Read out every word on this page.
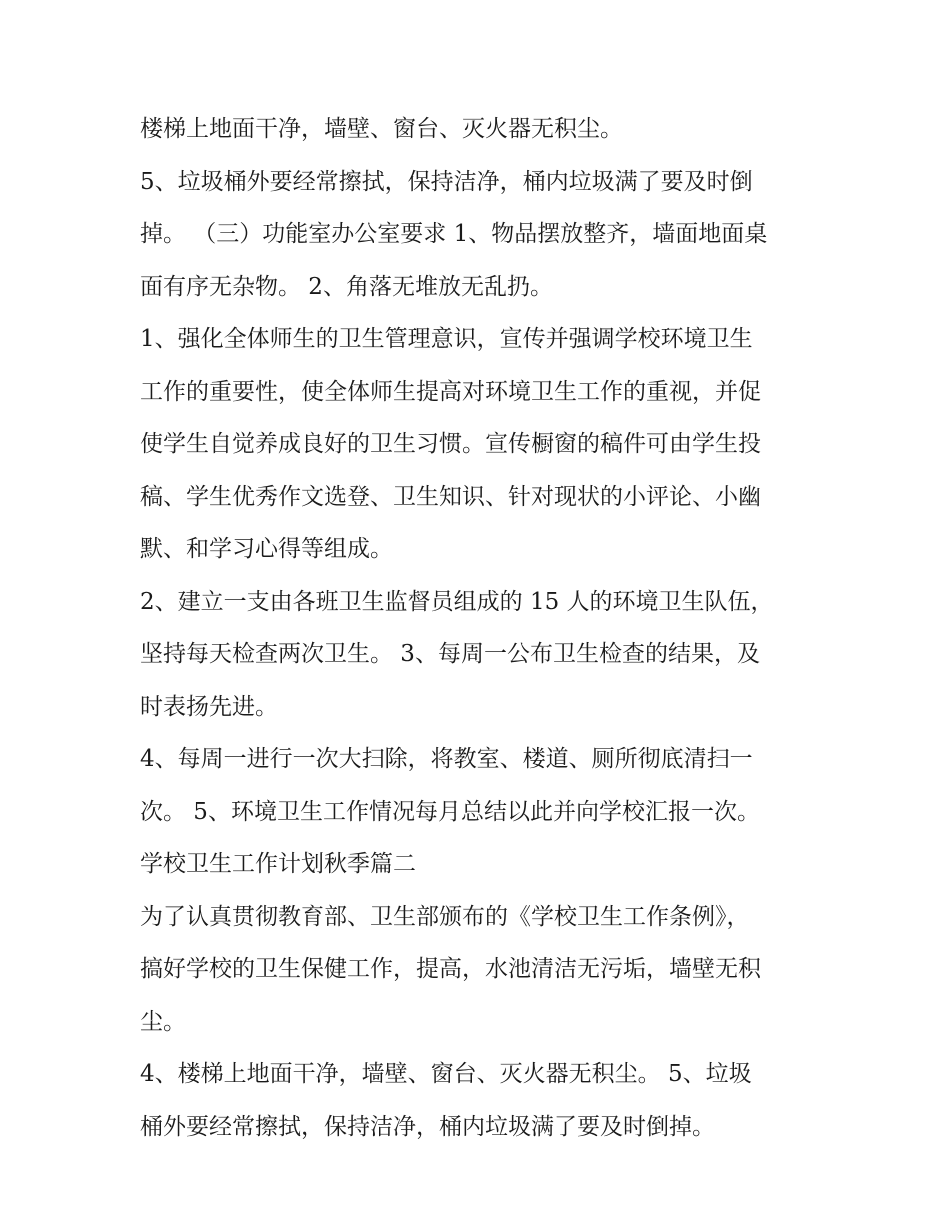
楼梯上地面干净，墙壁、窗台、灭火器无积尘。
5、垃圾桶外要经常擦拭，保持洁净，桶内垃圾满了要及时倒
掉。 （三）功能室办公室要求 1、物品摆放整齐，墙面地面桌
面有序无杂物。 2、角落无堆放无乱扔。
1、强化全体师生的卫生管理意识，宣传并强调学校环境卫生
工作的重要性，使全体师生提高对环境卫生工作的重视，并促
使学生自觉养成良好的卫生习惯。宣传橱窗的稿件可由学生投
稿、学生优秀作文选登、卫生知识、针对现状的小评论、小幽
默、和学习心得等组成。
2、建立一支由各班卫生监督员组成的 15 人的环境卫生队伍，
坚持每天检查两次卫生。 3、每周一公布卫生检查的结果，及
时表扬先进。
4、每周一进行一次大扫除，将教室、楼道、厕所彻底清扫一
次。 5、环境卫生工作情况每月总结以此并向学校汇报一次。
学校卫生工作计划秋季篇二
为了认真贯彻教育部、卫生部颁布的《学校卫生工作条例》，
搞好学校的卫生保健工作，提高，水池清洁无污垢，墙壁无积
尘。
4、楼梯上地面干净，墙壁、窗台、灭火器无积尘。 5、垃圾
桶外要经常擦拭，保持洁净，桶内垃圾满了要及时倒掉。
